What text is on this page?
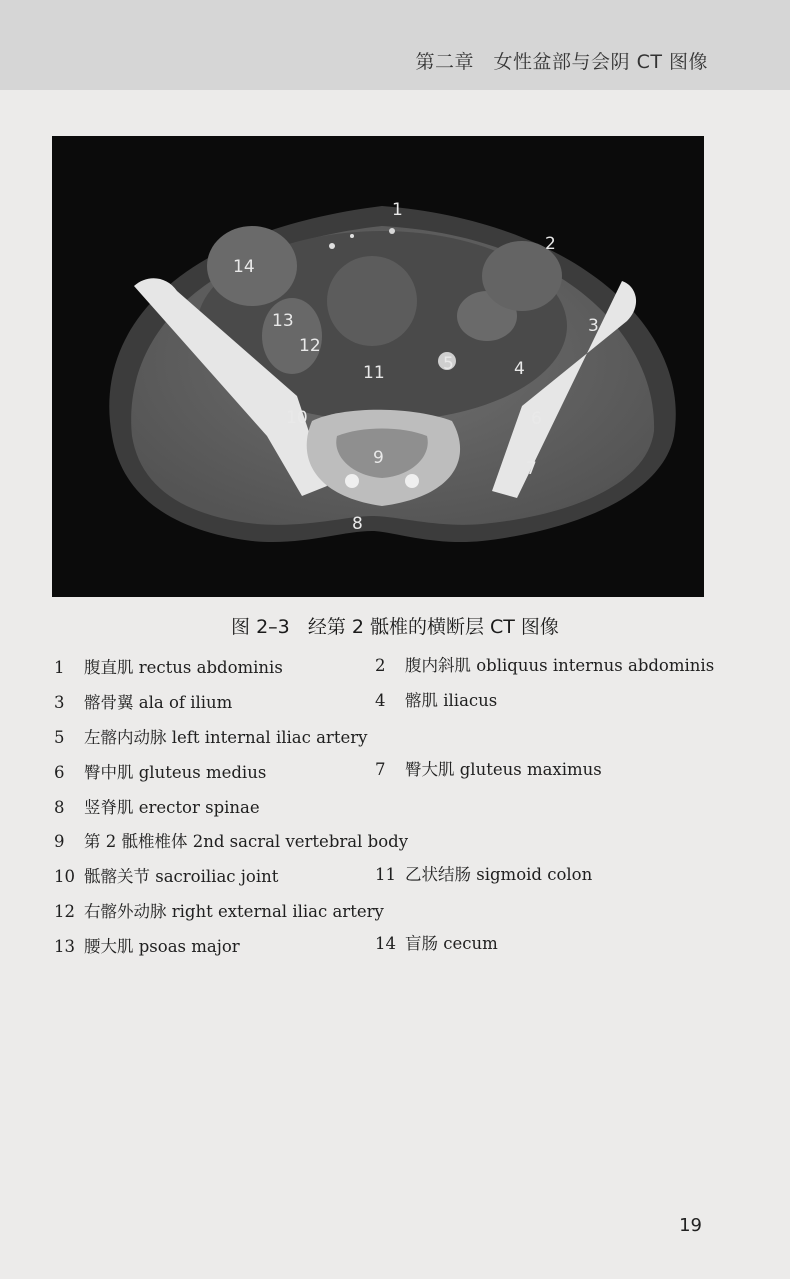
第二章　女性盆部与会阴 CT 图像
1
2
3
4
5
6
7
8
9
10
11
12
13
14
图 2–3 经第 2 骶椎的横断层 CT 图像
1 腹直肌 rectus abdominis
3 髂骨翼 ala of ilium
5 左髂内动脉 left internal iliac artery
6 臀中肌 gluteus medius
8 竖脊肌 erector spinae
9 第 2 骶椎椎体 2nd sacral vertebral body
10 骶髂关节 sacroiliac joint
12 右髂外动脉 right external iliac artery
13 腰大肌 psoas major
2 腹内斜肌 obliquus internus abdominis
4 髂肌 iliacus
7 臀大肌 gluteus maximus
11 乙状结肠 sigmoid colon
14 盲肠 cecum
19
